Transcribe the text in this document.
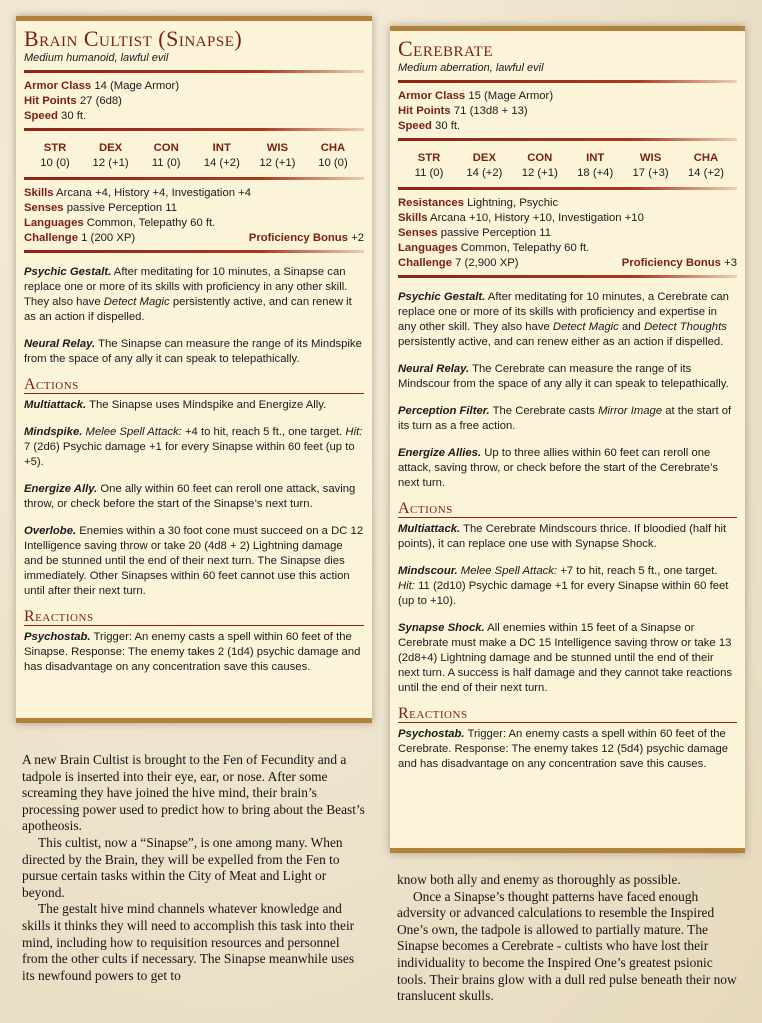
Brain Cultist (Sinapse)
Medium humanoid, lawful evil
Armor Class 14 (Mage Armor)
Hit Points 27 (6d8)
Speed 30 ft.
STR
10 (0)
DEX
12 (+1)
CON
11 (0)
INT
14 (+2)
WIS
12 (+1)
CHA
10 (0)
Skills Arcana +4, History +4, Investigation +4
Senses passive Perception 11
Languages Common, Telepathy 60 ft.
Challenge 1 (200 XP)	Proficiency Bonus +2
Psychic Gestalt. After meditating for 10 minutes, a Sinapse can replace one or more of its skills with proficiency in any other skill. They also have Detect Magic persistently active, and can renew it as an action if dispelled.
Neural Relay. The Sinapse can measure the range of its Mindspike from the space of any ally it can speak to telepathically.
Actions
Multiattack. The Sinapse uses Mindspike and Energize Ally.
Mindspike. Melee Spell Attack: +4 to hit, reach 5 ft., one target. Hit: 7 (2d6) Psychic damage +1 for every Sinapse within 60 feet (up to +5).
Energize Ally. One ally within 60 feet can reroll one attack, saving throw, or check before the start of the Sinapse’s next turn.
Overlobe. Enemies within a 30 foot cone must succeed on a DC 12 Intelligence saving throw or take 20 (4d8 + 2) Lightning damage and be stunned until the end of their next turn. The Sinapse dies immediately. Other Sinapses within 60 feet cannot use this action until after their next turn.
Reactions
Psychostab. Trigger: An enemy casts a spell within 60 feet of the Sinapse. Response: The enemy takes 2 (1d4) psychic damage and has disadvantage on any concentration save this causes.
Cerebrate
Medium aberration, lawful evil
Armor Class 15 (Mage Armor)
Hit Points 71 (13d8 + 13)
Speed 30 ft.
STR
11 (0)
DEX
14 (+2)
CON
12 (+1)
INT
18 (+4)
WIS
17 (+3)
CHA
14 (+2)
Resistances Lightning, Psychic
Skills Arcana +10, History +10, Investigation +10
Senses passive Perception 11
Languages Common, Telepathy 60 ft.
Challenge 7 (2,900 XP)	Proficiency Bonus +3
Psychic Gestalt. After meditating for 10 minutes, a Cerebrate can replace one or more of its skills with proficiency and expertise in any other skill. They also have Detect Magic and Detect Thoughts persistently active, and can renew either as an action if dispelled.
Neural Relay. The Cerebrate can measure the range of its Mindscour from the space of any ally it can speak to telepathically.
Perception Filter. The Cerebrate casts Mirror Image at the start of its turn as a free action.
Energize Allies. Up to three allies within 60 feet can reroll one attack, saving throw, or check before the start of the Cerebrate’s next turn.
Actions
Multiattack. The Cerebrate Mindscours thrice. If bloodied (half hit points), it can replace one use with Synapse Shock.
Mindscour. Melee Spell Attack: +7 to hit, reach 5 ft., one target. Hit: 11 (2d10) Psychic damage +1 for every Sinapse within 60 feet (up to +10).
Synapse Shock. All enemies within 15 feet of a Sinapse or Cerebrate must make a DC 15 Intelligence saving throw or take 13 (2d8+4) Lightning damage and be stunned until the end of their next turn. A success is half damage and they cannot take reactions until the end of their next turn.
Reactions
Psychostab. Trigger: An enemy casts a spell within 60 feet of the Cerebrate. Response: The enemy takes 12 (5d4) psychic damage and has disadvantage on any concentration save this causes.

A new Brain Cultist is brought to the Fen of Fecundity and a tadpole is inserted into their eye, ear, or nose. After some screaming they have joined the hive mind, their brain’s processing power used to predict how to bring about the Beast’s apotheosis.

This cultist, now a “Sinapse”, is one among many. When directed by the Brain, they will be expelled from the Fen to pursue certain tasks within the City of Meat and Light or beyond.

The gestalt hive mind channels whatever knowledge and skills it thinks they will need to accomplish this task into their mind, including how to requisition resources and personnel from the other cults if necessary. The Sinapse meanwhile uses its newfound powers to get to

know both ally and enemy as thoroughly as possible.

Once a Sinapse’s thought patterns have faced enough adversity or advanced calculations to resemble the Inspired One’s own, the tadpole is allowed to partially mature. The Sinapse becomes a Cerebrate - cultists who have lost their individuality to become the Inspired One’s greatest psionic tools. Their brains glow with a dull red pulse beneath their now translucent skulls.
